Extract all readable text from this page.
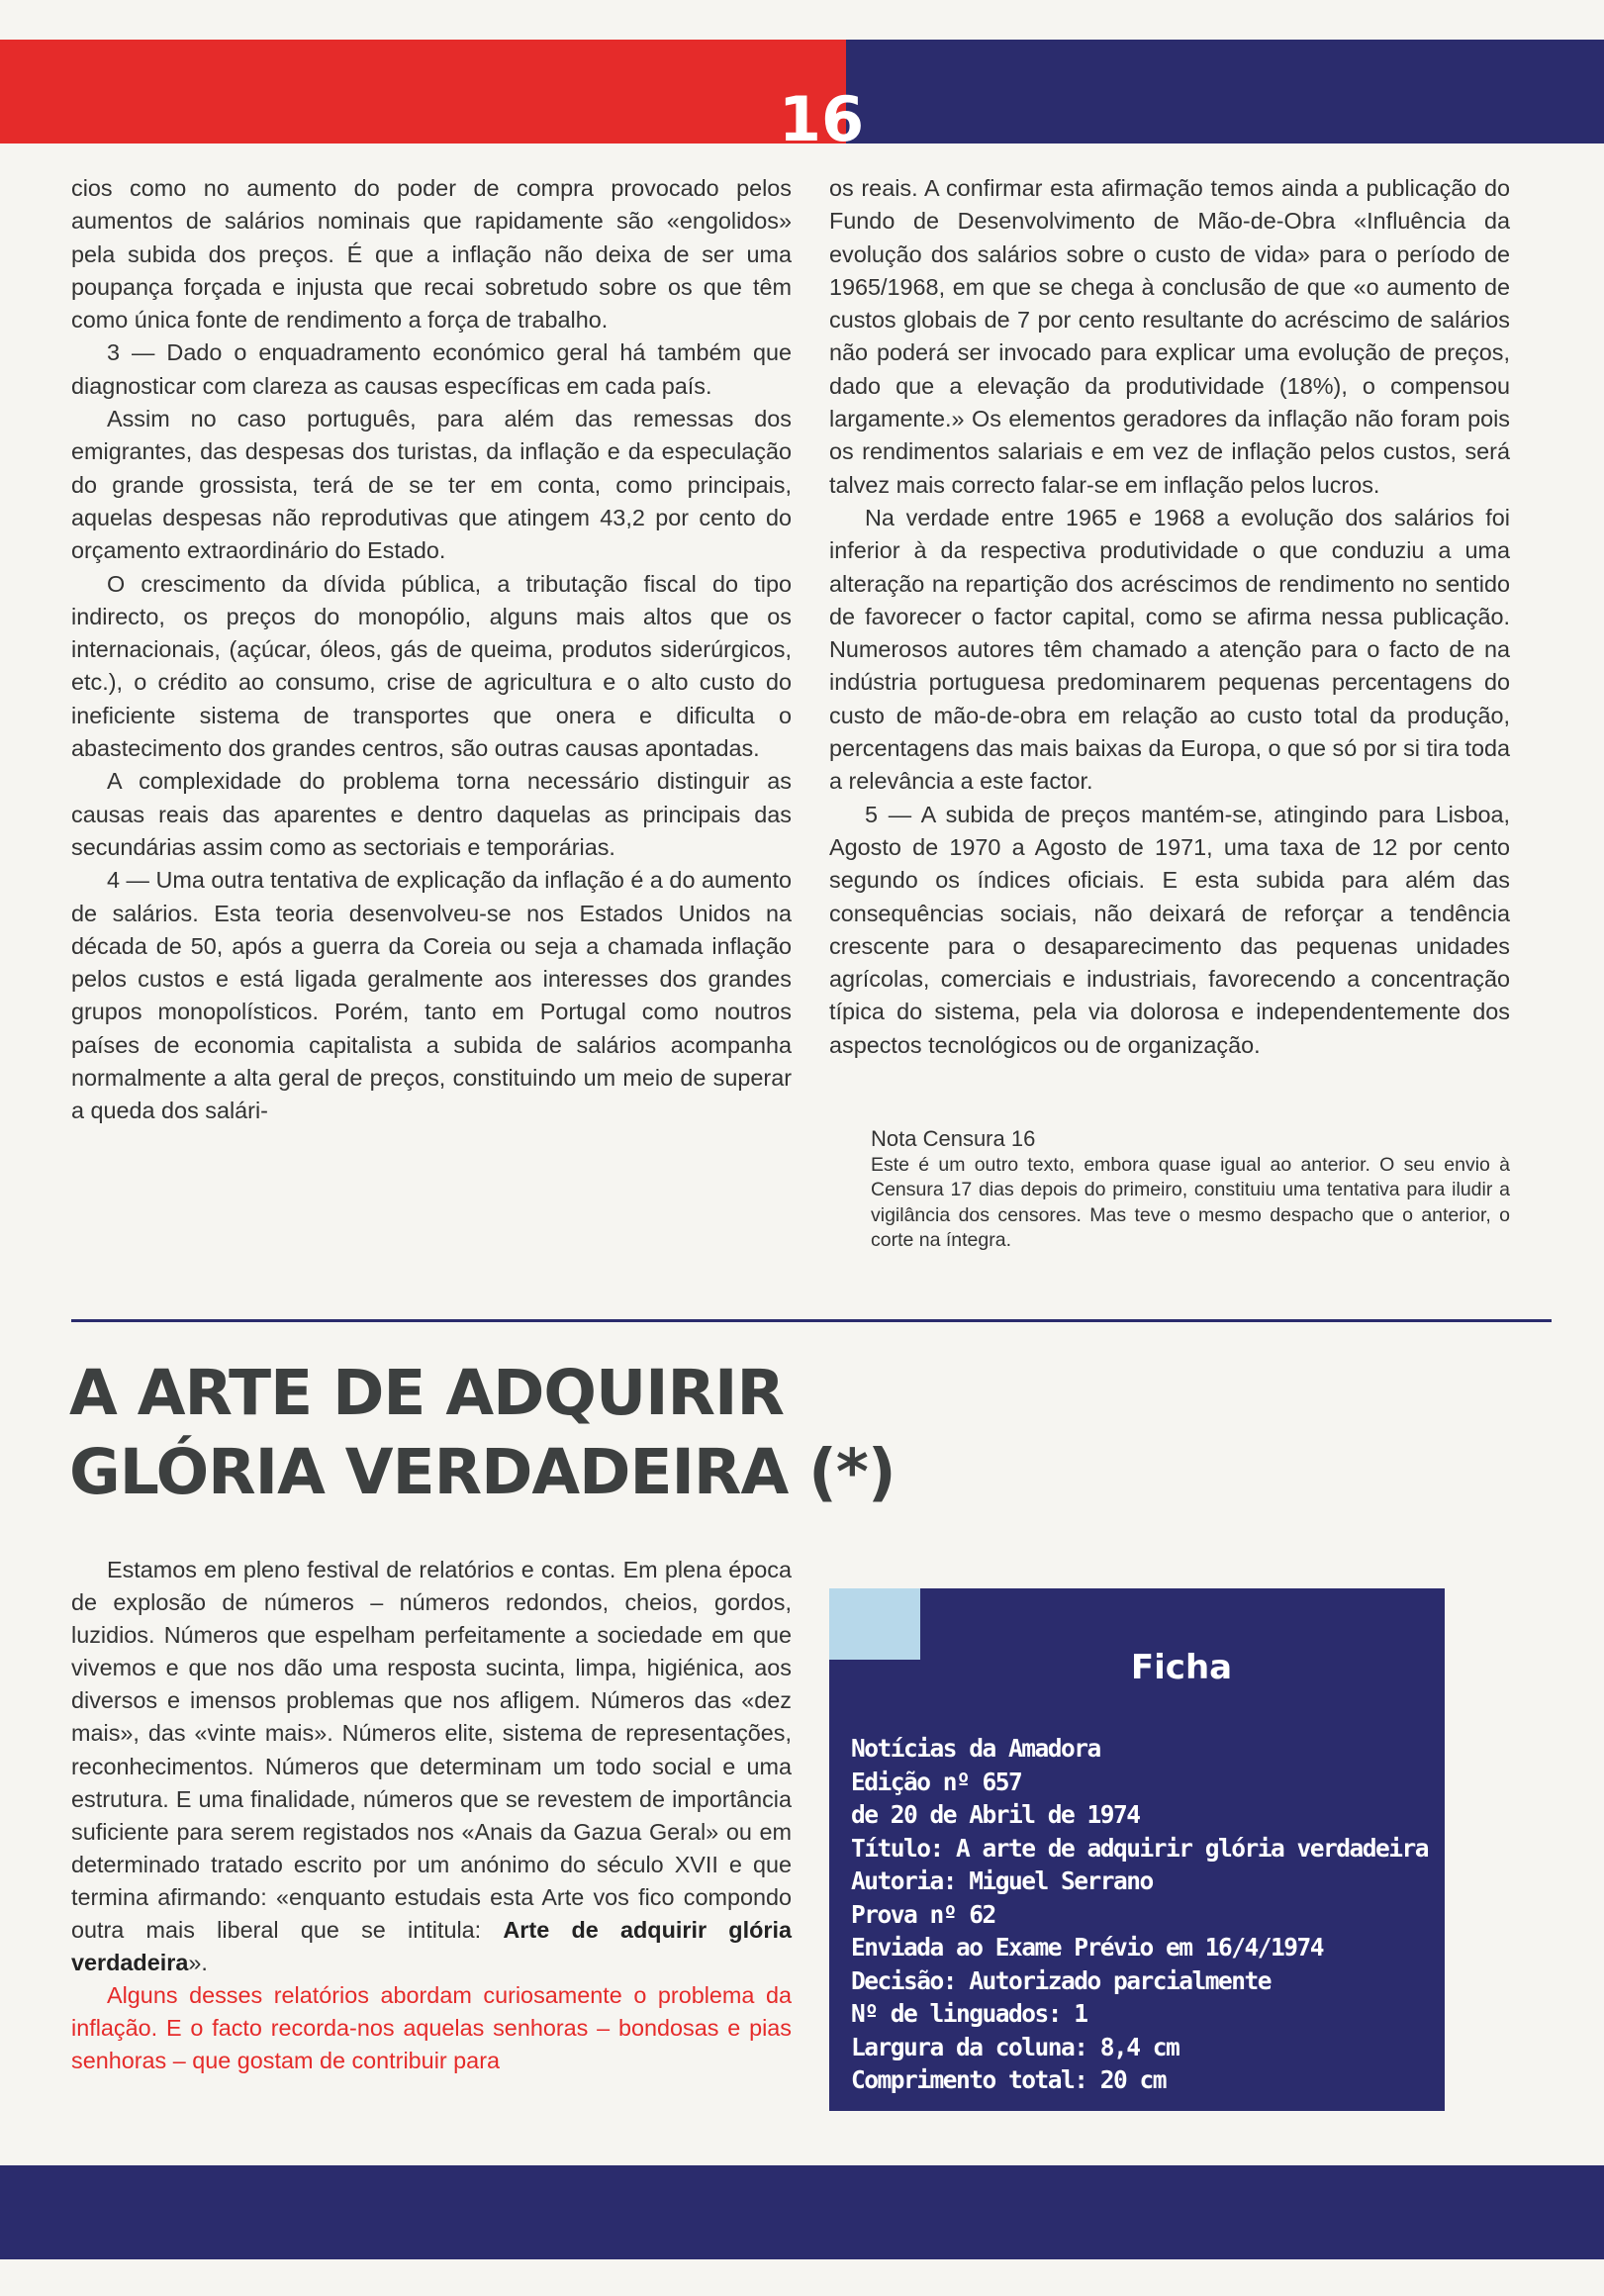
16

cios como no aumento do poder de compra provocado pelos aumentos de salários nominais que rapidamente são «engolidos» pela subida dos preços. É que a inflação não deixa de ser uma poupança forçada e injusta que recai sobretudo sobre os que têm como única fonte de rendimento a força de trabalho.

3 — Dado o enquadramento económico geral há também que diagnosticar com clareza as causas específicas em cada país.

Assim no caso português, para além das remessas dos emigrantes, das despesas dos turistas, da inflação e da especulação do grande grossista, terá de se ter em conta, como principais, aquelas despesas não reprodutivas que atingem 43,2 por cento do orçamento extraordinário do Estado.

O crescimento da dívida pública, a tributação fiscal do tipo indirecto, os preços do monopólio, alguns mais altos que os internacionais, (açúcar, óleos, gás de queima, produtos siderúrgicos, etc.), o crédito ao consumo, crise de agricultura e o alto custo do ineficiente sistema de transportes que onera e dificulta o abastecimento dos grandes centros, são outras causas apontadas.

A complexidade do problema torna necessário distinguir as causas reais das aparentes e dentro daquelas as principais das secundárias assim como as sectoriais e temporárias.

4 — Uma outra tentativa de explicação da inflação é a do aumento de salários. Esta teoria desenvolveu-se nos Estados Unidos na década de 50, após a guerra da Coreia ou seja a chamada inflação pelos custos e está ligada geralmente aos interesses dos grandes grupos monopolísticos. Porém, tanto em Portugal como noutros países de economia capitalista a subida de salários acompanha normalmente a alta geral de preços, constituindo um meio de superar a queda dos salári-

os reais. A confirmar esta afirmação temos ainda a publicação do Fundo de Desenvolvimento de Mão-de-Obra «Influência da evolução dos salários sobre o custo de vida» para o período de 1965/1968, em que se chega à conclusão de que «o aumento de custos globais de 7 por cento resultante do acréscimo de salários não poderá ser invocado para explicar uma evolução de preços, dado que a elevação da produtividade (18%), o compensou largamente.» Os elementos geradores da inflação não foram pois os rendimentos salariais e em vez de inflação pelos custos, será talvez mais correcto falar-se em inflação pelos lucros.

Na verdade entre 1965 e 1968 a evolução dos salários foi inferior à da respectiva produtividade o que conduziu a uma alteração na repartição dos acréscimos de rendimento no sentido de favorecer o factor capital, como se afirma nessa publicação. Numerosos autores têm chamado a atenção para o facto de na indústria portuguesa predominarem pequenas percentagens do custo de mão-de-obra em relação ao custo total da produção, percentagens das mais baixas da Europa, o que só por si tira toda a relevância a este factor.

5 — A subida de preços mantém-se, atingindo para Lisboa, Agosto de 1970 a Agosto de 1971, uma taxa de 12 por cento segundo os índices oficiais. E esta subida para além das consequências sociais, não deixará de reforçar a tendência crescente para o desaparecimento das pequenas unidades agrícolas, comerciais e industriais, favorecendo a concentração típica do sistema, pela via dolorosa e independentemente dos aspectos tecnológicos ou de organização.

Nota Censura 16

Este é um outro texto, embora quase igual ao anterior. O seu envio à Censura 17 dias depois do primeiro, constituiu uma tentativa para iludir a vigilância dos censores. Mas teve o mesmo despacho que o anterior, o corte na íntegra.

A ARTE DE ADQUIRIR
GLÓRIA VERDADEIRA (*)

Estamos em pleno festival de relatórios e contas. Em plena época de explosão de números – números redondos, cheios, gordos, luzidios. Números que espelham perfeitamente a sociedade em que vivemos e que nos dão uma resposta sucinta, limpa, higiénica, aos diversos e imensos problemas que nos afligem. Números das «dez mais», das «vinte mais». Números elite, sistema de representações, reconhecimentos. Números que determinam um todo social e uma estrutura. E uma finalidade, números que se revestem de importância suficiente para serem registados nos «Anais da Gazua Geral» ou em determinado tratado escrito por um anónimo do século XVII e que termina afirmando: «enquanto estudais esta Arte vos fico compondo outra mais liberal que se intitula: Arte de adquirir glória verdadeira».

Alguns desses relatórios abordam curiosamente o problema da inflação. E o facto recorda-nos aquelas senhoras – bondosas e pias senhoras – que gostam de contribuir para

Ficha
Notícias da Amadora
Edição nº 657
de 20 de Abril de 1974
Título: A arte de adquirir glória verdadeira
Autoria: Miguel Serrano
Prova nº 62
Enviada ao Exame Prévio em 16/4/1974
Decisão: Autorizado parcialmente
Nº de linguados: 1
Largura da coluna: 8,4 cm
Comprimento total: 20 cm
